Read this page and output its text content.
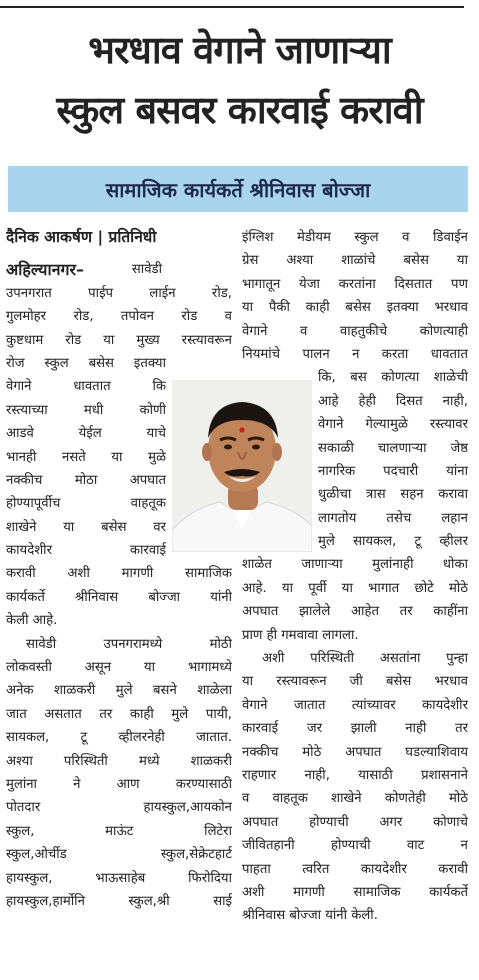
भरधाव वेगाने जाणाऱ्या
स्कुल बसवर कारवाई करावी
सामाजिक कार्यकर्ते श्रीनिवास बोज्जा
दैनिक आकर्षण | प्रतिनिधी
अहिल्यानगर–	सावेडी
उपनगरात पाईप लाईन रोड,
गुलमोहर रोड, तपोवन रोड व
कुष्टधाम रोड या मुख्य रस्त्यावरून
रोज स्कुल बसेस इतक्या
वेगाने धावतात कि
रस्त्याच्या मधी कोणी
आडवे येईल याचे
भानही नसते या मुळे
नक्कीच मोठा अपघात
होण्यापूर्वीच वाहतूक
शाखेने या बसेस वर
कायदेशीर कारवाई
करावी अशी मागणी सामाजिक
कार्यकर्ते श्रीनिवास बोज्जा यांनी
केली आहे.
सावेडी उपनगरामध्ये मोठी
लोकवस्ती असून या भागामध्ये
अनेक शाळकरी मुले बसने शाळेला
जात असतात तर काही मुले पायी,
सायकल, टू व्हीलरनेही जातात.
अश्या परिस्थिती मध्ये शाळकरी
मुलांना ने आण करण्यासाठी
पोतदार हायस्कुल,आयकोन
स्कुल, माऊंट लिटेरा
स्कुल,ओर्चीड स्कुल,सेक्रेटहार्ट
हायस्कुल, भाऊसाहेब फिरोदिया
हायस्कुल,हार्मोनि स्कुल,श्री साई
इंग्लिश मेडीयम स्कुल व डिवाईन
ग्रेस अश्या शाळांचे बसेस या
भागातून येजा करतांना दिसतात पण
या पैकी काही बसेस इतक्या भरधाव
वेगाने व वाहतुकीचे कोणत्याही
नियमांचे पालन न करता धावतात
कि, बस कोणत्या शाळेची
आहे हेही दिसत नाही,
वेगाने गेल्यामुळे रस्त्यावर
सकाळी चालणाऱ्या जेष्ठ
नागरिक पदचारी यांना
धुळीचा त्रास सहन करावा
लागतोय तसेच लहान
मुले सायकल, टू व्हीलर
शाळेत जाणाऱ्या मुलांनाही धोका
आहे. या पूर्वी या भागात छोटे मोठे
अपघात झालेले आहेत तर काहींना
प्राण ही गमवावा लागला.
अशी परिस्थिती असतांना पुन्हा
या रस्त्यावरून जी बसेस भरधाव
वेगाने जातात त्यांच्यावर कायदेशीर
कारवाई जर झाली नाही तर
नक्कीच मोठे अपघात घडल्याशिवाय
राहणार नाही, यासाठी प्रशासनाने
व वाहतूक शाखेने कोणतेही मोठे
अपघात होण्याची अगर कोणाचे
जीवितहानी होण्याची वाट न
पाहता त्वरित कायदेशीर करावी
अशी मागणी सामाजिक कार्यकर्ते
श्रीनिवास बोज्जा यांनी केली.
